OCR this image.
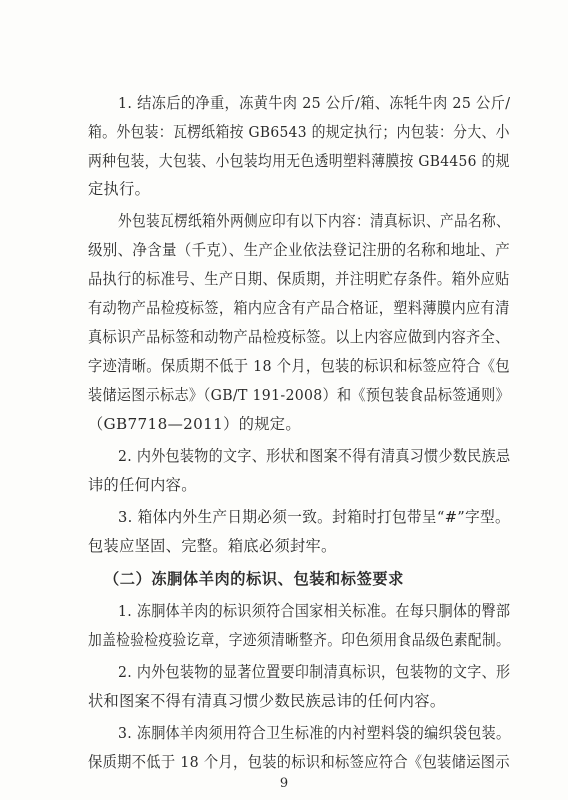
1. 结冻后的净重，冻黄牛肉 25 公斤/箱、冻牦牛肉 25 公斤/
箱。外包装：瓦楞纸箱按 GB6543 的规定执行；内包装：分大、小
两种包装，大包装、小包装均用无色透明塑料薄膜按 GB4456 的规
定执行。
外包装瓦楞纸箱外两侧应印有以下内容：清真标识、产品名称、
级别、净含量（千克）、生产企业依法登记注册的名称和地址、产
品执行的标准号、生产日期、保质期，并注明贮存条件。箱外应贴
有动物产品检疫标签，箱内应含有产品合格证，塑料薄膜内应有清
真标识产品标签和动物产品检疫标签。以上内容应做到内容齐全、
字迹清晰。保质期不低于 18 个月，包装的标识和标签应符合《包
装储运图示标志》（GB/T 191-2008）和《预包装食品标签通则》
（GB7718—2011）的规定。
2. 内外包装物的文字、形状和图案不得有清真习惯少数民族忌
讳的任何内容。
3. 箱体内外生产日期必须一致。封箱时打包带呈“#”字型。
包装应坚固、完整。箱底必须封牢。
（二）冻胴体羊肉的标识、包装和标签要求
1. 冻胴体羊肉的标识须符合国家相关标准。在每只胴体的臀部
加盖检验检疫验讫章，字迹须清晰整齐。印色须用食品级色素配制。
2. 内外包装物的显著位置要印制清真标识，包装物的文字、形
状和图案不得有清真习惯少数民族忌讳的任何内容。
3. 冻胴体羊肉须用符合卫生标准的内衬塑料袋的编织袋包装。
保质期不低于 18 个月，包装的标识和标签应符合《包装储运图示
9
